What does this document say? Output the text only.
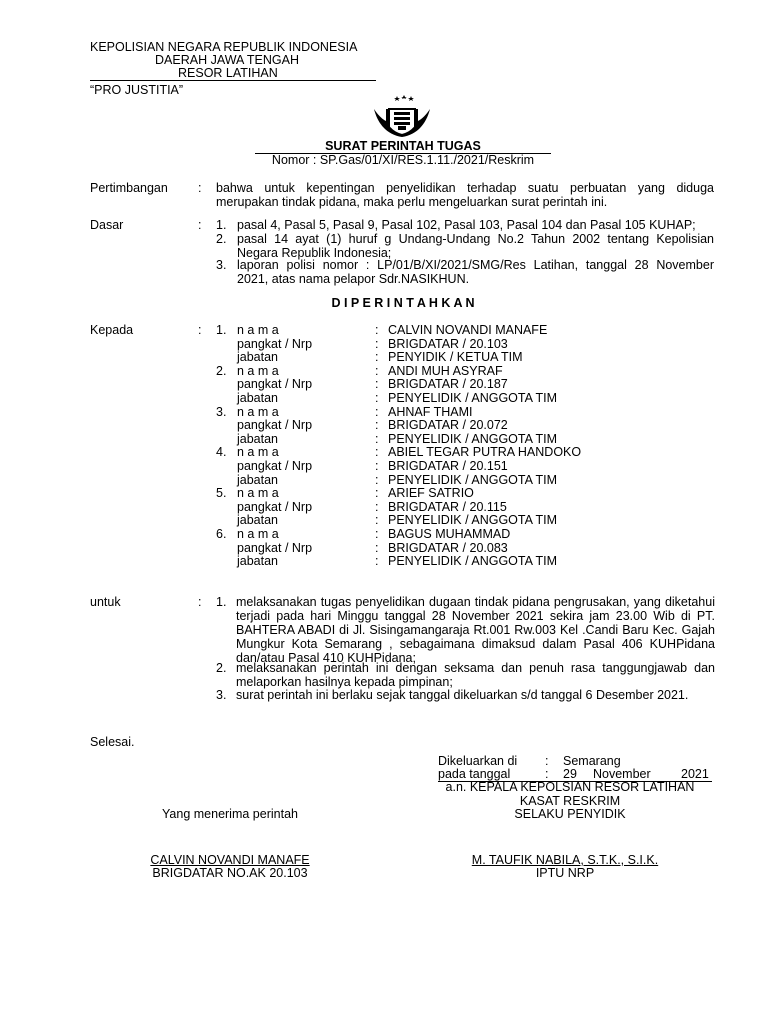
KEPOLISIAN NEGARA REPUBLIK INDONESIA
DAERAH JAWA TENGAH
RESOR LATIHAN
“PRO JUSTITIA”
SURAT PERINTAH TUGAS
Nomor : SP.Gas/01/XI/RES.1.11./2021/Reskrim
Pertimbangan : bahwa untuk kepentingan penyelidikan terhadap suatu perbuatan yang diduga merupakan tindak pidana, maka perlu mengeluarkan surat perintah ini.
Dasar	: 1. pasal 4, Pasal 5, Pasal 9, Pasal 102, Pasal 103, Pasal 104 dan Pasal 105 KUHAP;
2. pasal 14 ayat (1) huruf g Undang-Undang No.2 Tahun 2002 tentang Kepolisian Negara Republik Indonesia;
3. laporan polisi nomor : LP/01/B/XI/2021/SMG/Res Latihan, tanggal 28 November 2021, atas nama pelapor Sdr.NASIKHUN.
D I P E R I N T A H K A N
Kepada	: 1. n a m a	: CALVIN NOVANDI MANAFE
pangkat / Nrp	: BRIGDATAR / 20.103
jabatan	: PENYIDIK / KETUA TIM
2. n a m a	: ANDI MUH ASYRAF
pangkat / Nrp	: BRIGDATAR / 20.187
jabatan	: PENYELIDIK / ANGGOTA TIM
3. n a m a	: AHNAF THAMI
pangkat / Nrp	: BRIGDATAR / 20.072
jabatan	: PENYELIDIK / ANGGOTA TIM
4. n a m a	: ABIEL TEGAR PUTRA HANDOKO
pangkat / Nrp	: BRIGDATAR / 20.151
jabatan	: PENYELIDIK / ANGGOTA TIM
5. n a m a	: ARIEF SATRIO
pangkat / Nrp	: BRIGDATAR / 20.115
jabatan	: PENYELIDIK / ANGGOTA TIM
6. n a m a	: BAGUS MUHAMMAD
pangkat / Nrp	: BRIGDATAR / 20.083
jabatan	: PENYELIDIK / ANGGOTA TIM
untuk	: 1. melaksanakan tugas penyelidikan dugaan tindak pidana pengrusakan, yang diketahui terjadi pada hari Minggu tanggal 28 November 2021 sekira jam 23.00 Wib di PT. BAHTERA ABADI di Jl. Sisingamangaraja Rt.001 Rw.003 Kel .Candi Baru Kec. Gajah Mungkur Kota Semarang , sebagaimana dimaksud dalam Pasal 406 KUHPidana dan/atau Pasal 410 KUHPidana;
2. melaksanakan perintah ini dengan seksama dan penuh rasa tanggungjawab dan melaporkan hasilnya kepada pimpinan;
3. surat perintah ini berlaku sejak tanggal dikeluarkan s/d tanggal 6 Desember 2021.
Selesai.
Dikeluarkan di : Semarang
pada tanggal	: 29 November 2021
a.n. KEPALA KEPOLSIAN RESOR LATIHAN
KASAT RESKRIM
SELAKU PENYIDIK
Yang menerima perintah
CALVIN NOVANDI MANAFE
BRIGDATAR NO.AK 20.103
M. TAUFIK NABILA, S.T.K., S.I.K.
IPTU NRP
